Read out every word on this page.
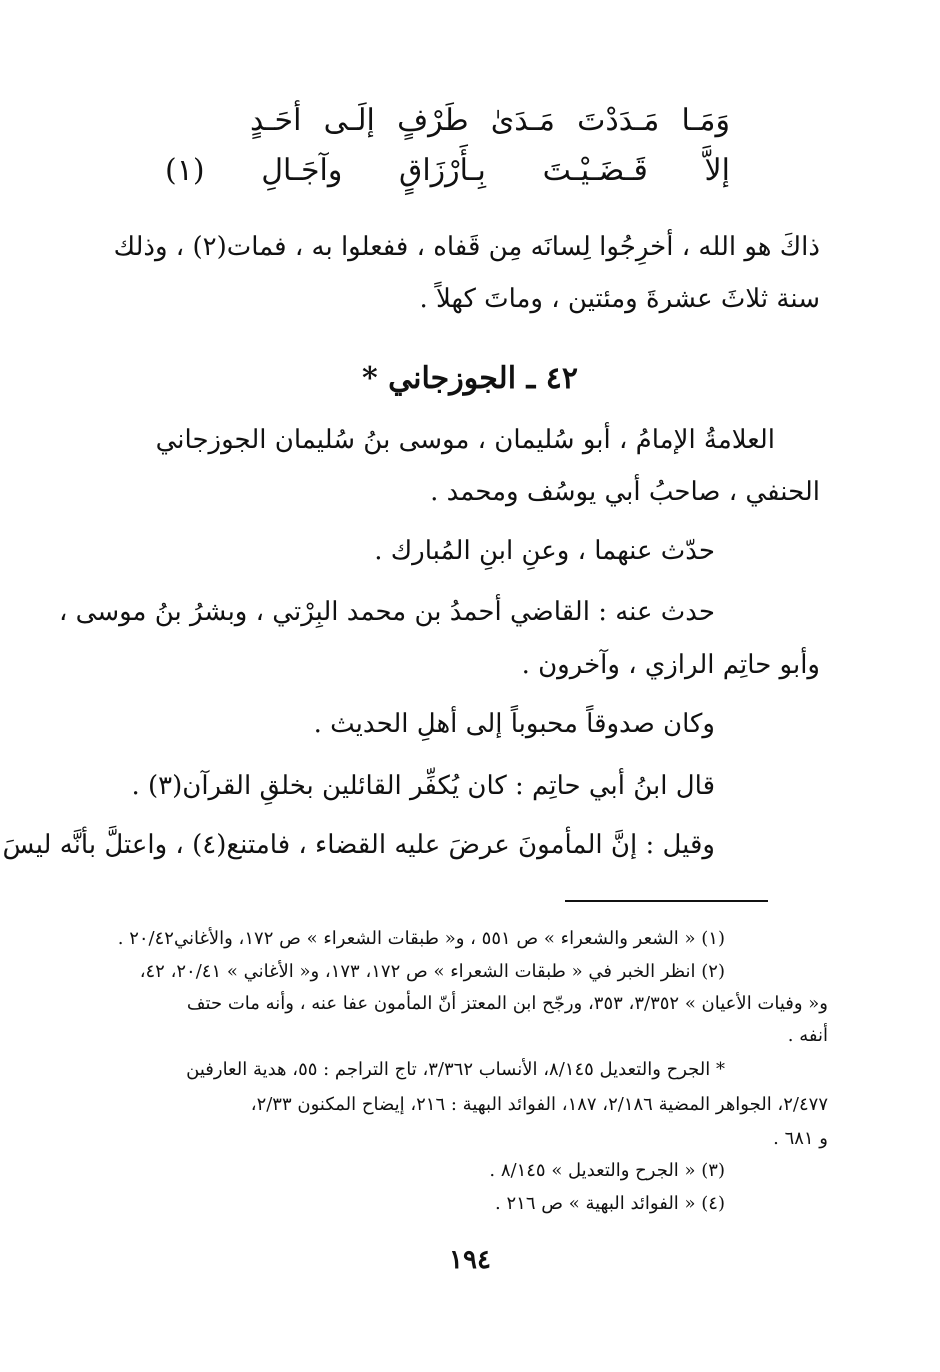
وَمَـا مَـدَدْتَ مَـدَىٰ طَرْفٍ إلَـى أحَـدٍ
إلاَّ قَـضَـيْـتَ بِـأَرْزَاقٍ وآجَـالِ (١)
ذاكَ هو الله ، أخرِجُوا لِسانَه مِن قَفاه ، ففعلوا به ، فمات(٢) ، وذلك
سنة ثلاثَ عشرةَ ومئتين ، وماتَ كهلاً .
٤٢ ـ الجوزجاني *
العلامةُ الإمامُ ، أبو سُليمان ، موسى بنُ سُليمان الجوزجاني
الحنفي ، صاحبُ أبي يوسُف ومحمد .
حدّث عنهما ، وعنِ ابنِ المُبارك .
حدث عنه : القاضي أحمدُ بن محمد البِرْتي ، وبشرُ بنُ موسى ،
وأبو حاتِم الرازي ، وآخرون .
وكان صدوقاً محبوباً إلى أهلِ الحديث .
قال ابنُ أبي حاتِم : كان يُكفِّر القائلين بخلقِ القرآن(٣) .
وقيل : إنَّ المأمونَ عرضَ عليه القضاء ، فامتنع(٤) ، واعتلَّ بأنَّه ليسَ
(١) « الشعر والشعراء » ص ٥٥١ ، و« طبقات الشعراء » ص ١٧٢، والأغاني٢٠/٤٢ .
(٢) انظر الخبر في « طبقات الشعراء » ص ١٧٢، ١٧٣، و« الأغاني » ٢٠/٤١، ٤٢،
و« وفيات الأعيان » ٣/٣٥٢، ٣٥٣، ورجّح ابن المعتز أنّ المأمون عفا عنه ، وأنه مات حتف
أنفه .
* الجرح والتعديل ٨/١٤٥، الأنساب ٣/٣٦٢، تاج التراجم : ٥٥، هدية العارفين
٢/٤٧٧، الجواهر المضية ٢/١٨٦، ١٨٧، الفوائد البهية : ٢١٦، إيضاح المكنون ٢/٣٣،
و ٦٨١ .
(٣) « الجرح والتعديل » ٨/١٤٥ .
(٤) « الفوائد البهية » ص ٢١٦ .
١٩٤
